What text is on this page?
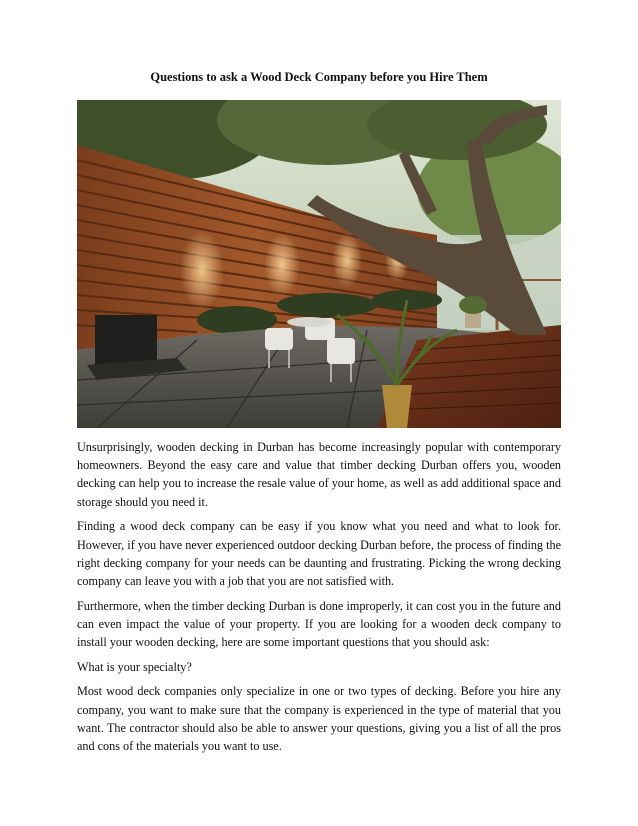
Questions to ask a Wood Deck Company before you Hire Them

Unsurprisingly, wooden decking in Durban has become increasingly popular with contemporary homeowners. Beyond the easy care and value that timber decking Durban offers you, wooden decking can help you to increase the resale value of your home, as well as add additional space and storage should you need it.

Finding a wood deck company can be easy if you know what you need and what to look for. However, if you have never experienced outdoor decking Durban before, the process of finding the right decking company for your needs can be daunting and frustrating. Picking the wrong decking company can leave you with a job that you are not satisfied with.

Furthermore, when the timber decking Durban is done improperly, it can cost you in the future and can even impact the value of your property. If you are looking for a wooden deck company to install your wooden decking, here are some important questions that you should ask:

What is your specialty?

Most wood deck companies only specialize in one or two types of decking. Before you hire any company, you want to make sure that the company is experienced in the type of material that you want. The contractor should also be able to answer your questions, giving you a list of all the pros and cons of the materials you want to use.
